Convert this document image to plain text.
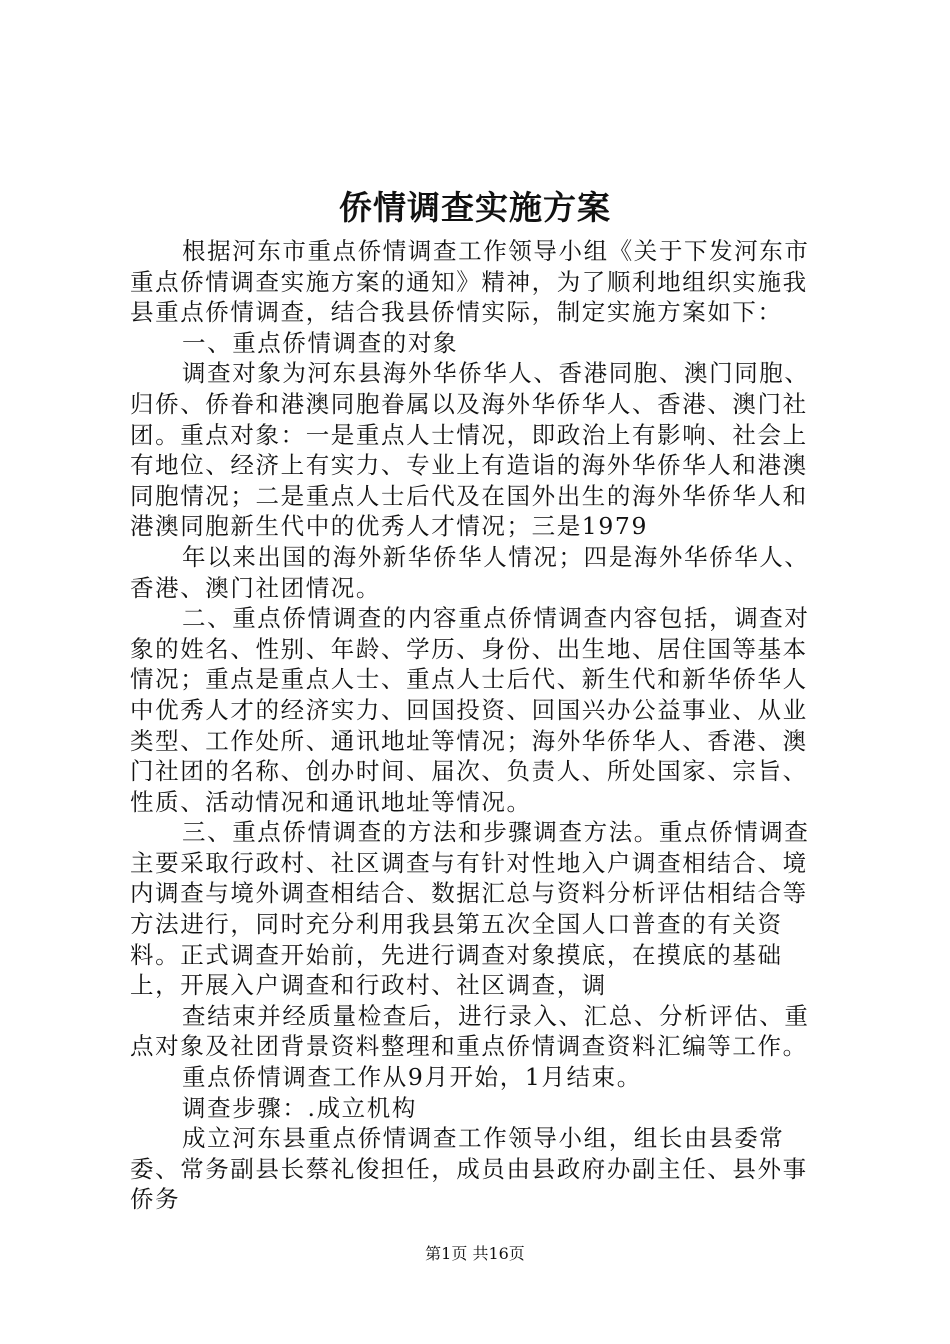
侨情调查实施方案

根据河东市重点侨情调查工作领导小组《关于下发河东市重点侨情调查实施方案的通知》精神，为了顺利地组织实施我县重点侨情调查，结合我县侨情实际，制定实施方案如下：

一、重点侨情调查的对象

调查对象为河东县海外华侨华人、香港同胞、澳门同胞、归侨、侨眷和港澳同胞眷属以及海外华侨华人、香港、澳门社团。重点对象：一是重点人士情况，即政治上有影响、社会上有地位、经济上有实力、专业上有造诣的海外华侨华人和港澳同胞情况；二是重点人士后代及在国外出生的海外华侨华人和港澳同胞新生代中的优秀人才情况；三是1979

年以来出国的海外新华侨华人情况；四是海外华侨华人、香港、澳门社团情况。

二、重点侨情调查的内容重点侨情调查内容包括，调查对象的姓名、性别、年龄、学历、身份、出生地、居住国等基本情况；重点是重点人士、重点人士后代、新生代和新华侨华人中优秀人才的经济实力、回国投资、回国兴办公益事业、从业类型、工作处所、通讯地址等情况；海外华侨华人、香港、澳门社团的名称、创办时间、届次、负责人、所处国家、宗旨、性质、活动情况和通讯地址等情况。

三、重点侨情调查的方法和步骤调查方法。重点侨情调查主要采取行政村、社区调查与有针对性地入户调查相结合、境内调查与境外调查相结合、数据汇总与资料分析评估相结合等方法进行，同时充分利用我县第五次全国人口普查的有关资料。正式调查开始前，先进行调查对象摸底，在摸底的基础上，开展入户调查和行政村、社区调查，调

查结束并经质量检查后，进行录入、汇总、分析评估、重点对象及社团背景资料整理和重点侨情调查资料汇编等工作。

重点侨情调查工作从9月开始，1月结束。

调查步骤：.成立机构

成立河东县重点侨情调查工作领导小组，组长由县委常委、常务副县长蔡礼俊担任，成员由县政府办副主任、县外事侨务

第1页 共16页
